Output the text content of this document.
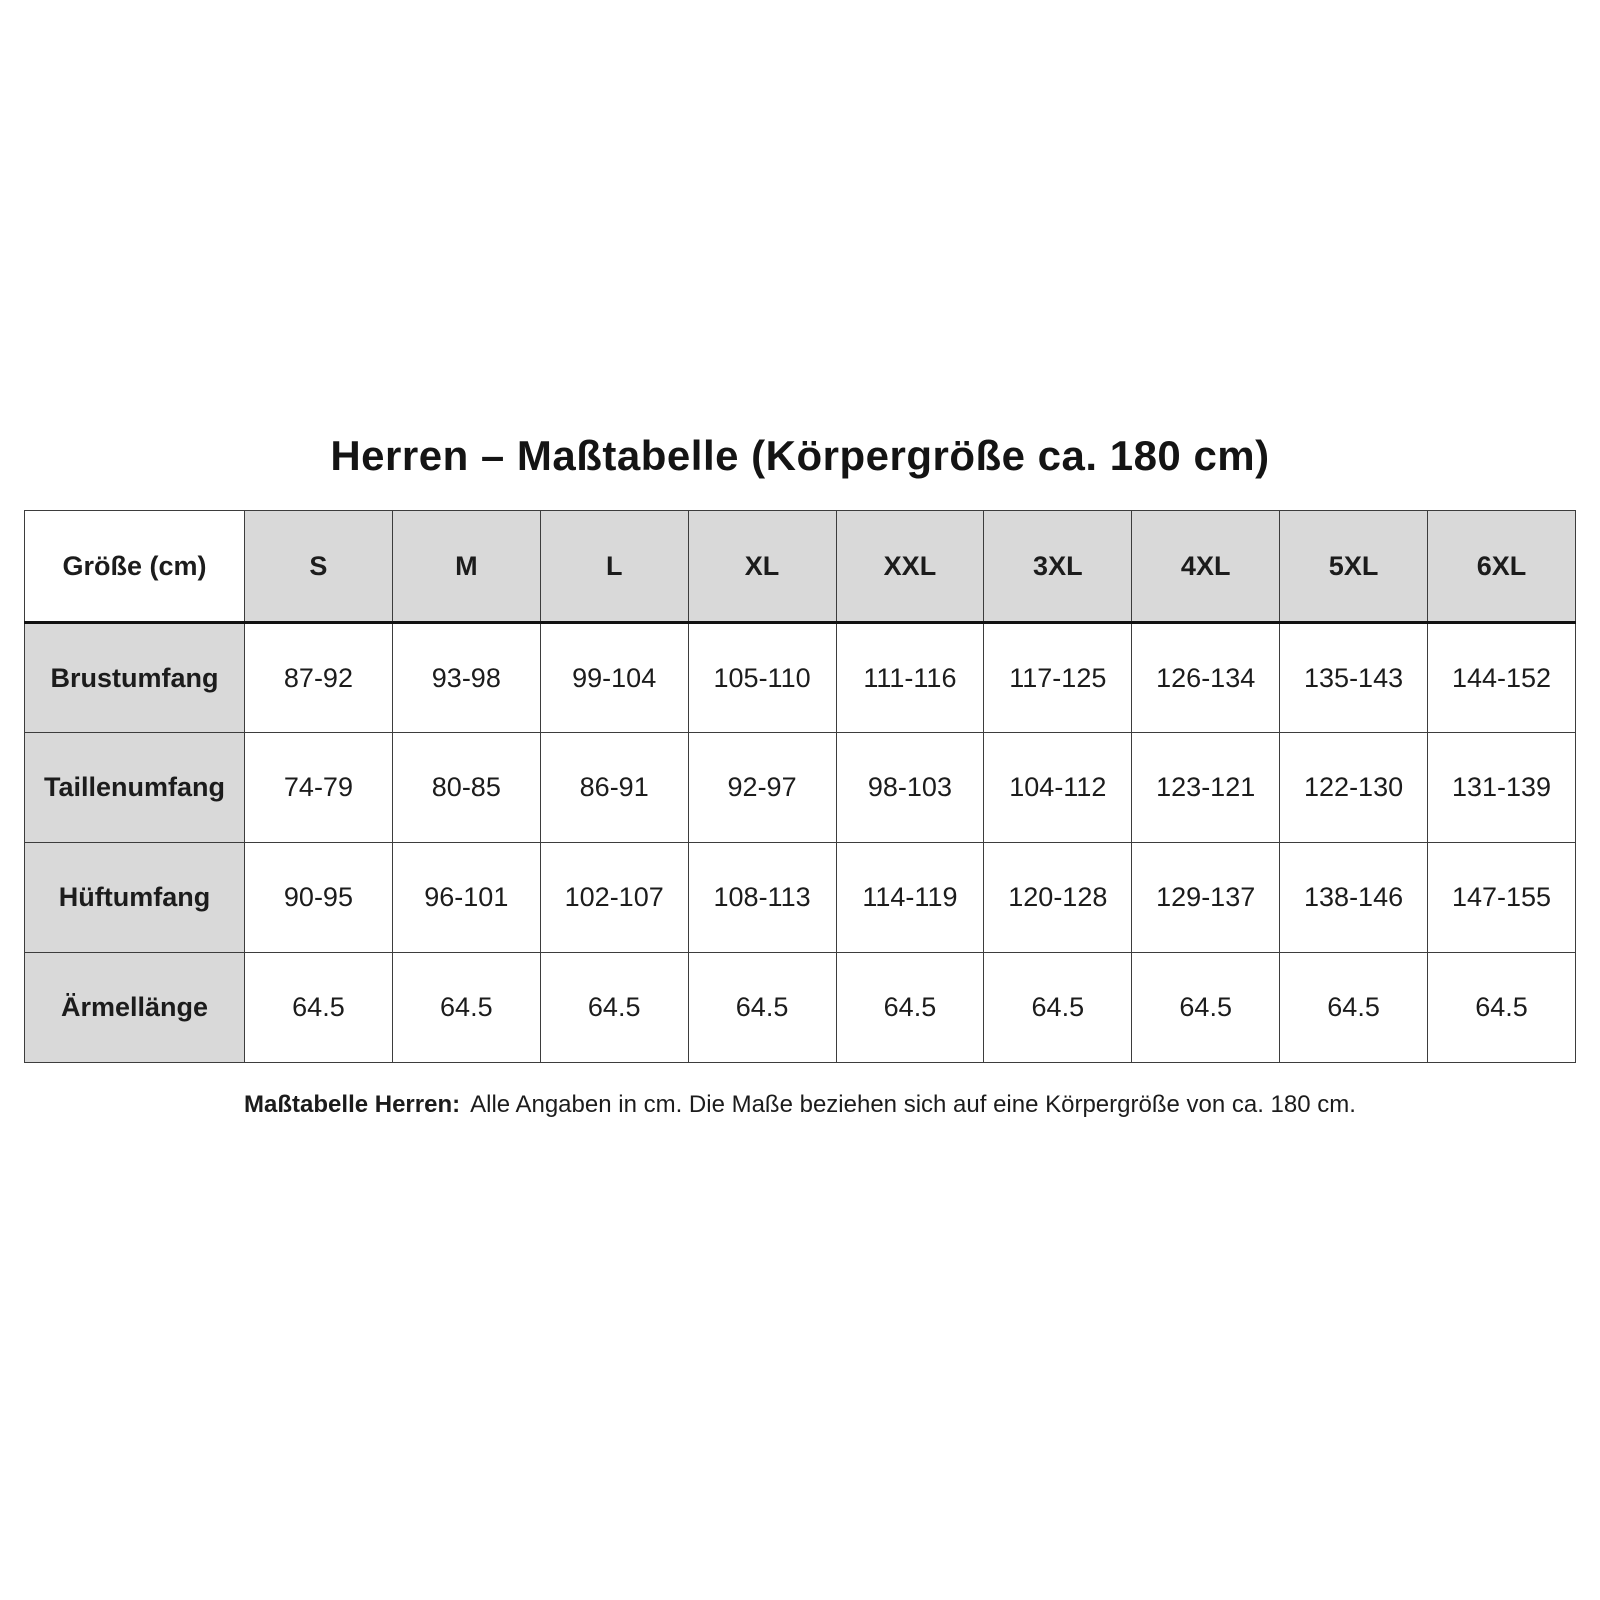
Herren – Maßtabelle (Körpergröße ca. 180 cm)
Größe (cm)	S	M	L	XL	XXL	3XL	4XL	5XL	6XL
Brustumfang	87-92	93-98	99-104	105-110	111-116	117-125	126-134	135-143	144-152
Taillenumfang	74-79	80-85	86-91	92-97	98-103	104-112	123-121	122-130	131-139
Hüftumfang	90-95	96-101	102-107	108-113	114-119	120-128	129-137	138-146	147-155
Ärmellänge	64.5	64.5	64.5	64.5	64.5	64.5	64.5	64.5	64.5
Maßtabelle Herren: Alle Angaben in cm. Die Maße beziehen sich auf eine Körpergröße von ca. 180 cm.
